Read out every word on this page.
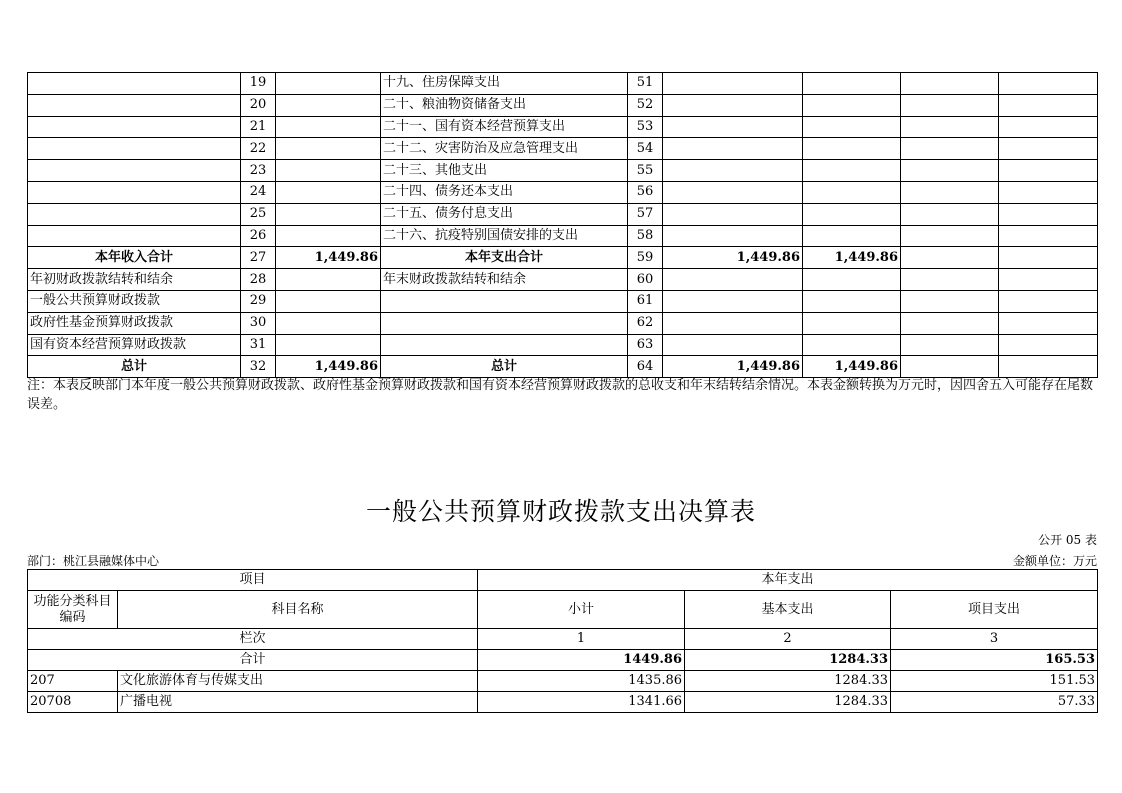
	19		十九、住房保障支出	51				
	20		二十、粮油物资储备支出	52				
	21		二十一、国有资本经营预算支出	53				
	22		二十二、灾害防治及应急管理支出	54				
	23		二十三、其他支出	55				
	24		二十四、债务还本支出	56				
	25		二十五、债务付息支出	57				
	26		二十六、抗疫特别国债安排的支出	58				
本年收入合计	27	1,449.86	本年支出合计	59	1,449.86	1,449.86		
年初财政拨款结转和结余	28		年末财政拨款结转和结余	60				
一般公共预算财政拨款	29			61				
政府性基金预算财政拨款	30			62				
国有资本经营预算财政拨款	31			63				
总计	32	1,449.86	总计	64	1,449.86	1,449.86		
注：本表反映部门本年度一般公共预算财政拨款、政府性基金预算财政拨款和国有资本经营预算财政拨款的总收支和年末结转结余情况。本表金额转换为万元时，因四舍五入可能存在尾数误差。
一般公共预算财政拨款支出决算表
公开 05 表
部门：桃江县融媒体中心	金额单位：万元
项目		本年支出		
功能分类科目编码	科目名称	小计	基本支出	项目支出
栏次		1	2	3
合计		1449.86	1284.33	165.53
207	文化旅游体育与传媒支出	1435.86	1284.33	151.53
20708	广播电视	1341.66	1284.33	57.33
